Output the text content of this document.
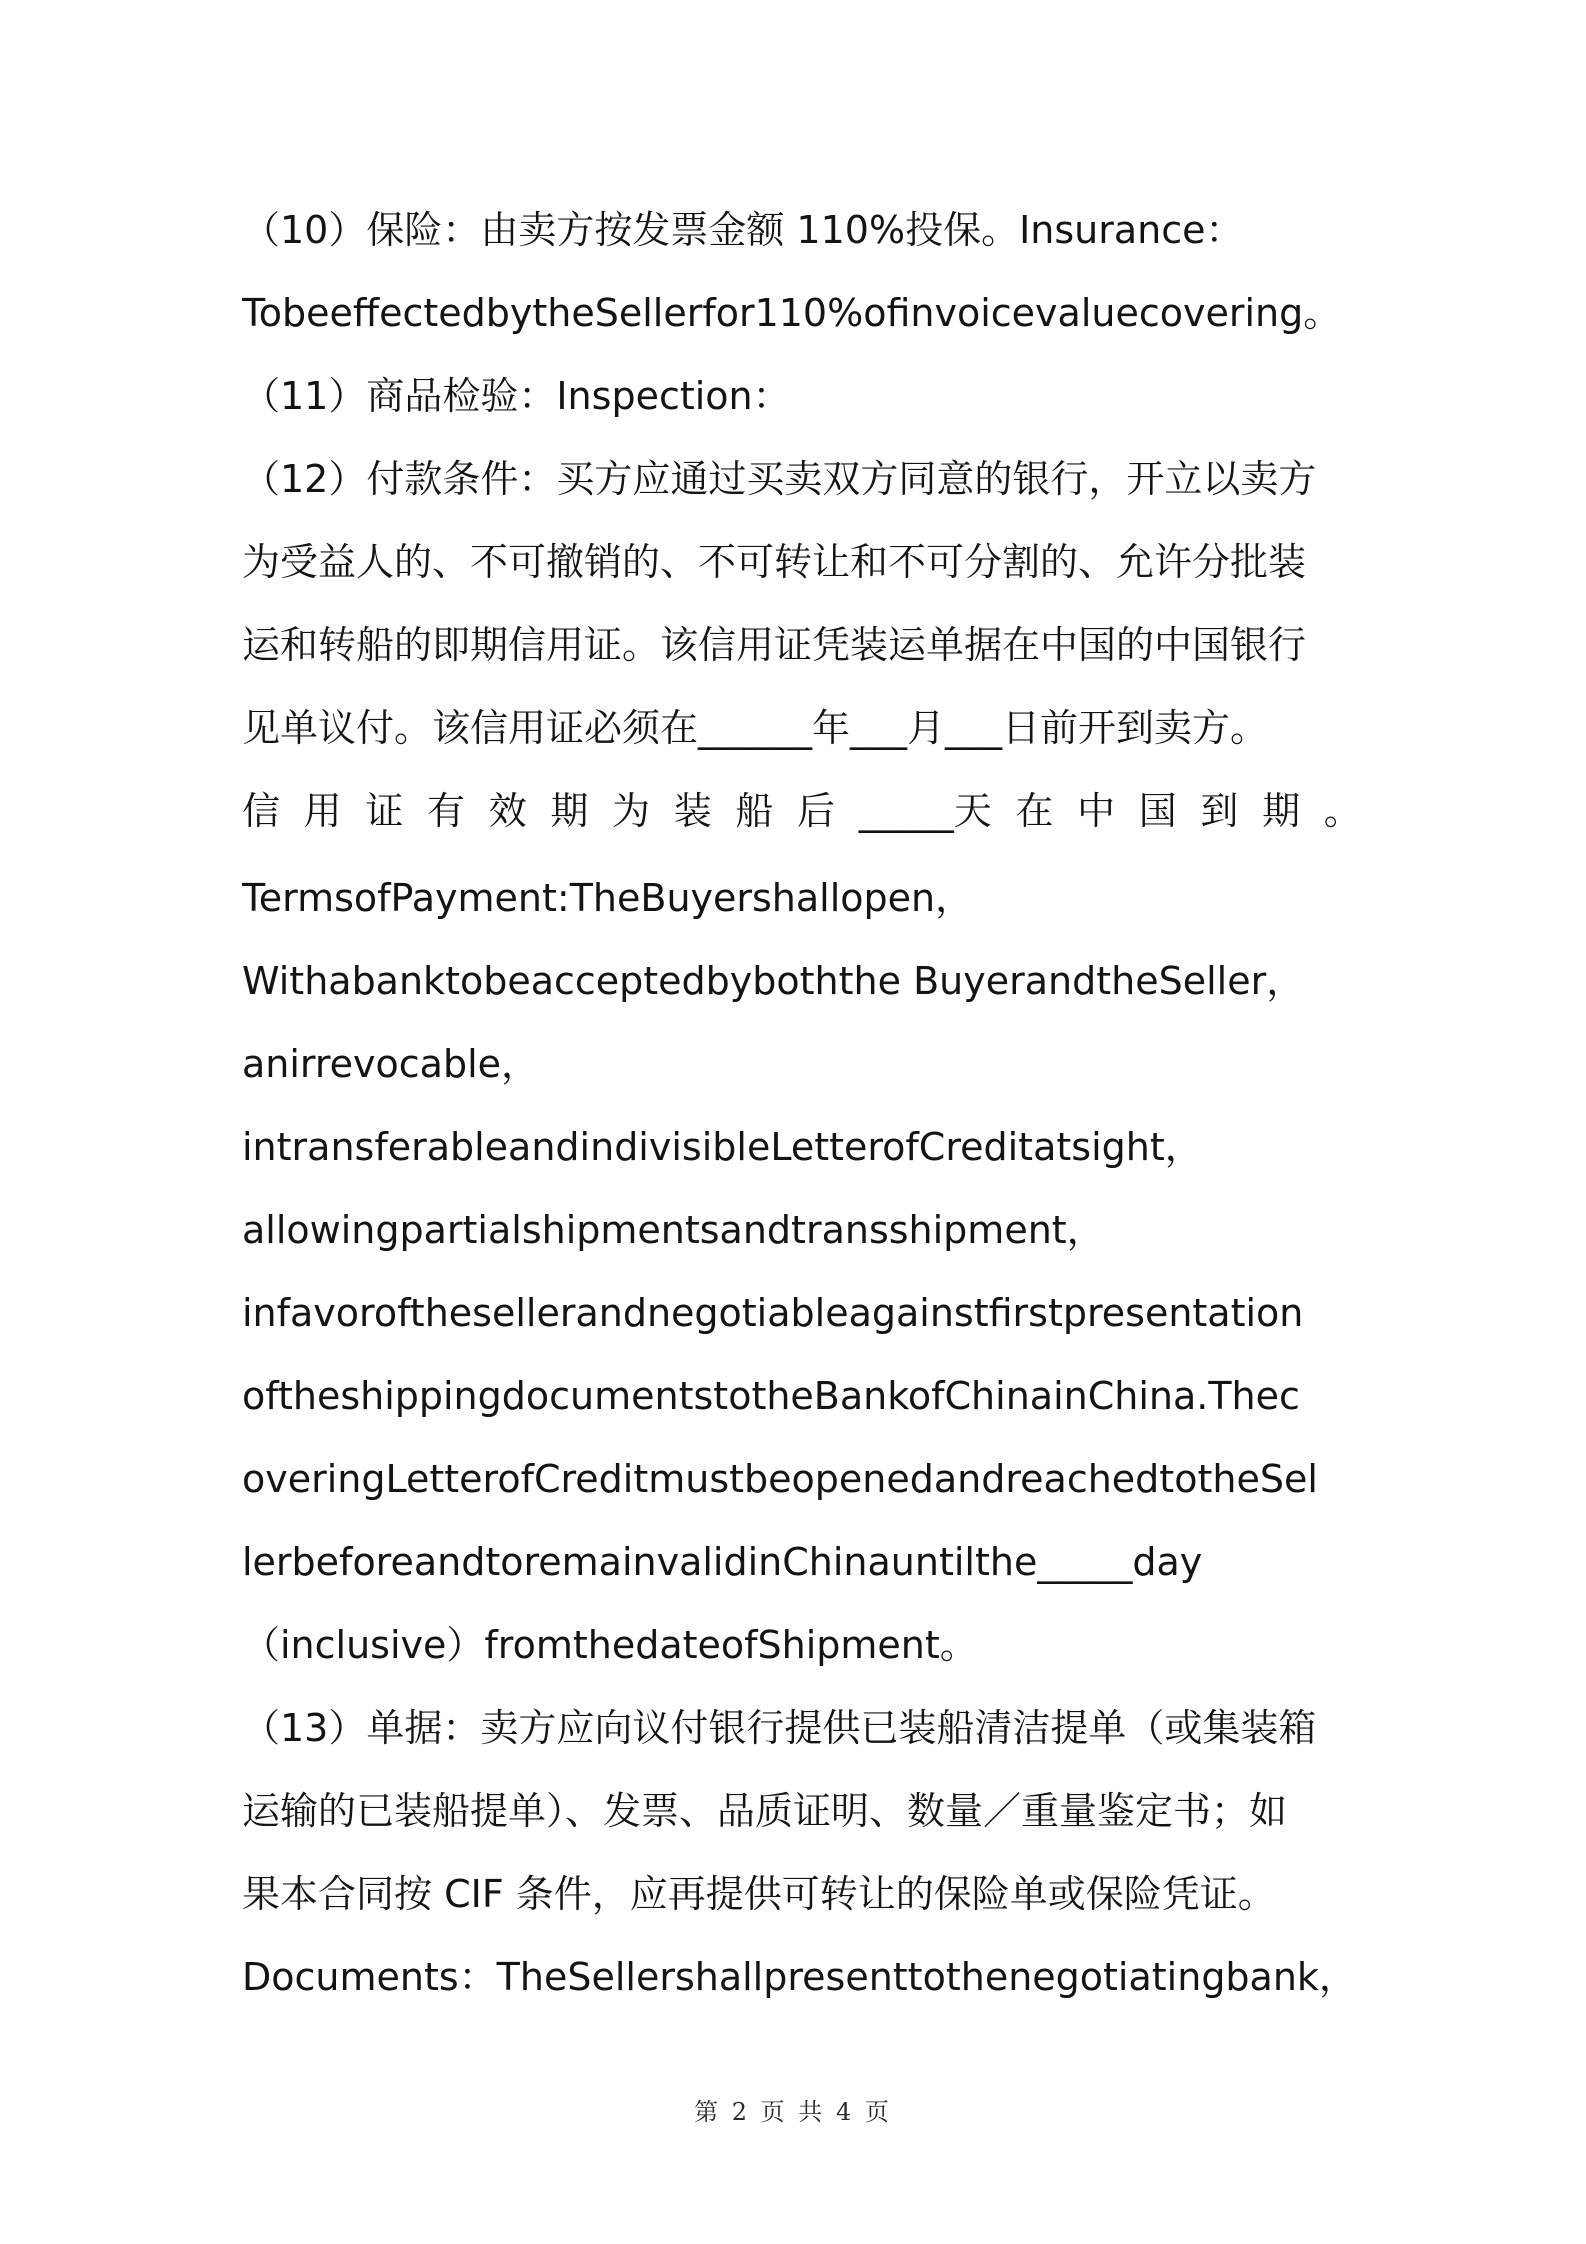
（10）保险：由卖方按发票金额 110%投保。Insurance：
TobeeffectedbytheSellerfor110%ofinvoicevaluecovering。
（11）商品检验：Inspection：
（12）付款条件：买方应通过买卖双方同意的银行，开立以卖方
为受益人的、不可撤销的、不可转让和不可分割的、允许分批装
运和转船的即期信用证。该信用证凭装运单据在中国的中国银行
见单议付。该信用证必须在______年___月___日前开到卖方。
信 用 证 有 效 期 为 装 船 后 _____天 在 中 国 到 期 。
TermsofPayment:TheBuyershallopen，
Withabanktobeacceptedbyboththe BuyerandtheSeller，
anirrevocable，
intransferableandindivisibleLetterofCreditatsight，
allowingpartialshipmentsandtransshipment，
infavorofthesellerandnegotiableagainstfirstpresentation
oftheshippingdocumentstotheBankofChinainChina.Thec
overingLetterofCreditmustbeopenedandreachedtotheSel
lerbeforeandtoremainvalidinChinauntilthe_____day
（inclusive）fromthedateofShipment。
（13）单据：卖方应向议付银行提供已装船清洁提单（或集装箱
运输的已装船提单）、发票、品质证明、数量／重量鉴定书；如
果本合同按 CIF 条件，应再提供可转让的保险单或保险凭证。
Documents：TheSellershallpresenttothenegotiatingbank，
第 2 页 共 4 页
